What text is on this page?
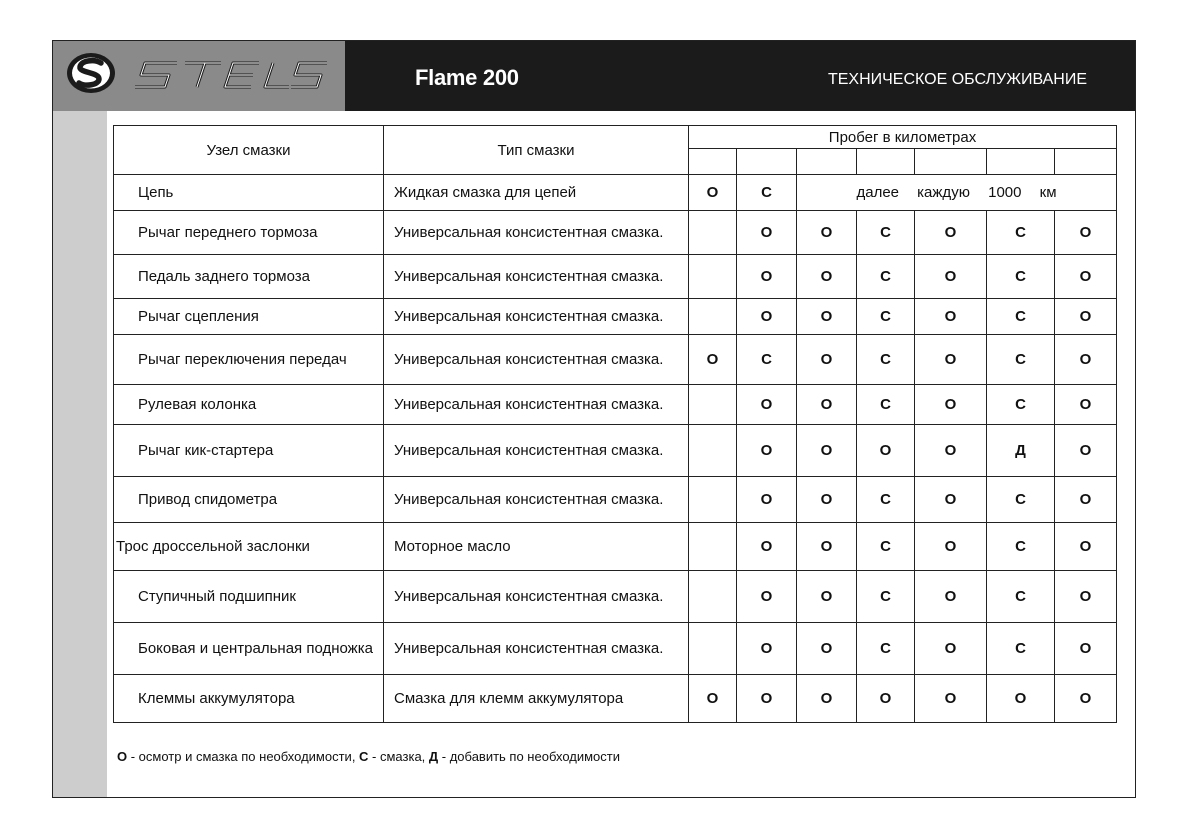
Flame 200	ТЕХНИЧЕСКОЕ ОБСЛУЖИВАНИЕ
Узел смазки	Тип смазки	Пробег в километрах						

Цепь	Жидкая смазка для цепей	O	С	далее каждую 1000 км				
Рычаг переднего тормоза	Универсальная консистентная смазка.		О	О	С	О	С	О
Педаль заднего тормоза	Универсальная консистентная смазка.		О	О	С	О	С	О
Рычаг сцепления	Универсальная консистентная смазка.		О	О	С	О	С	О
Рычаг переключения передач	Универсальная консистентная смазка.	О	С	О	С	О	С	О
Рулевая колонка	Универсальная консистентная смазка.		О	О	С	О	С	О
Рычаг кик-стартера	Универсальная консистентная смазка.		О	О	О	О	Д	О
Привод спидометра	Универсальная консистентная смазка.		О	О	С	О	С	О
Трос дроссельной заслонки	Моторное масло		О	О	С	О	С	О
Ступичный подшипник	Универсальная консистентная смазка.		О	О	С	О	С	О
Боковая и центральная подножка	Универсальная консистентная смазка.		О	О	С	О	С	О
Клеммы аккумулятора	Смазка для клемм аккумулятора	О	О	О	О	О	О	О
О - осмотр и смазка по необходимости, С - смазка, Д - добавить по необходимости
